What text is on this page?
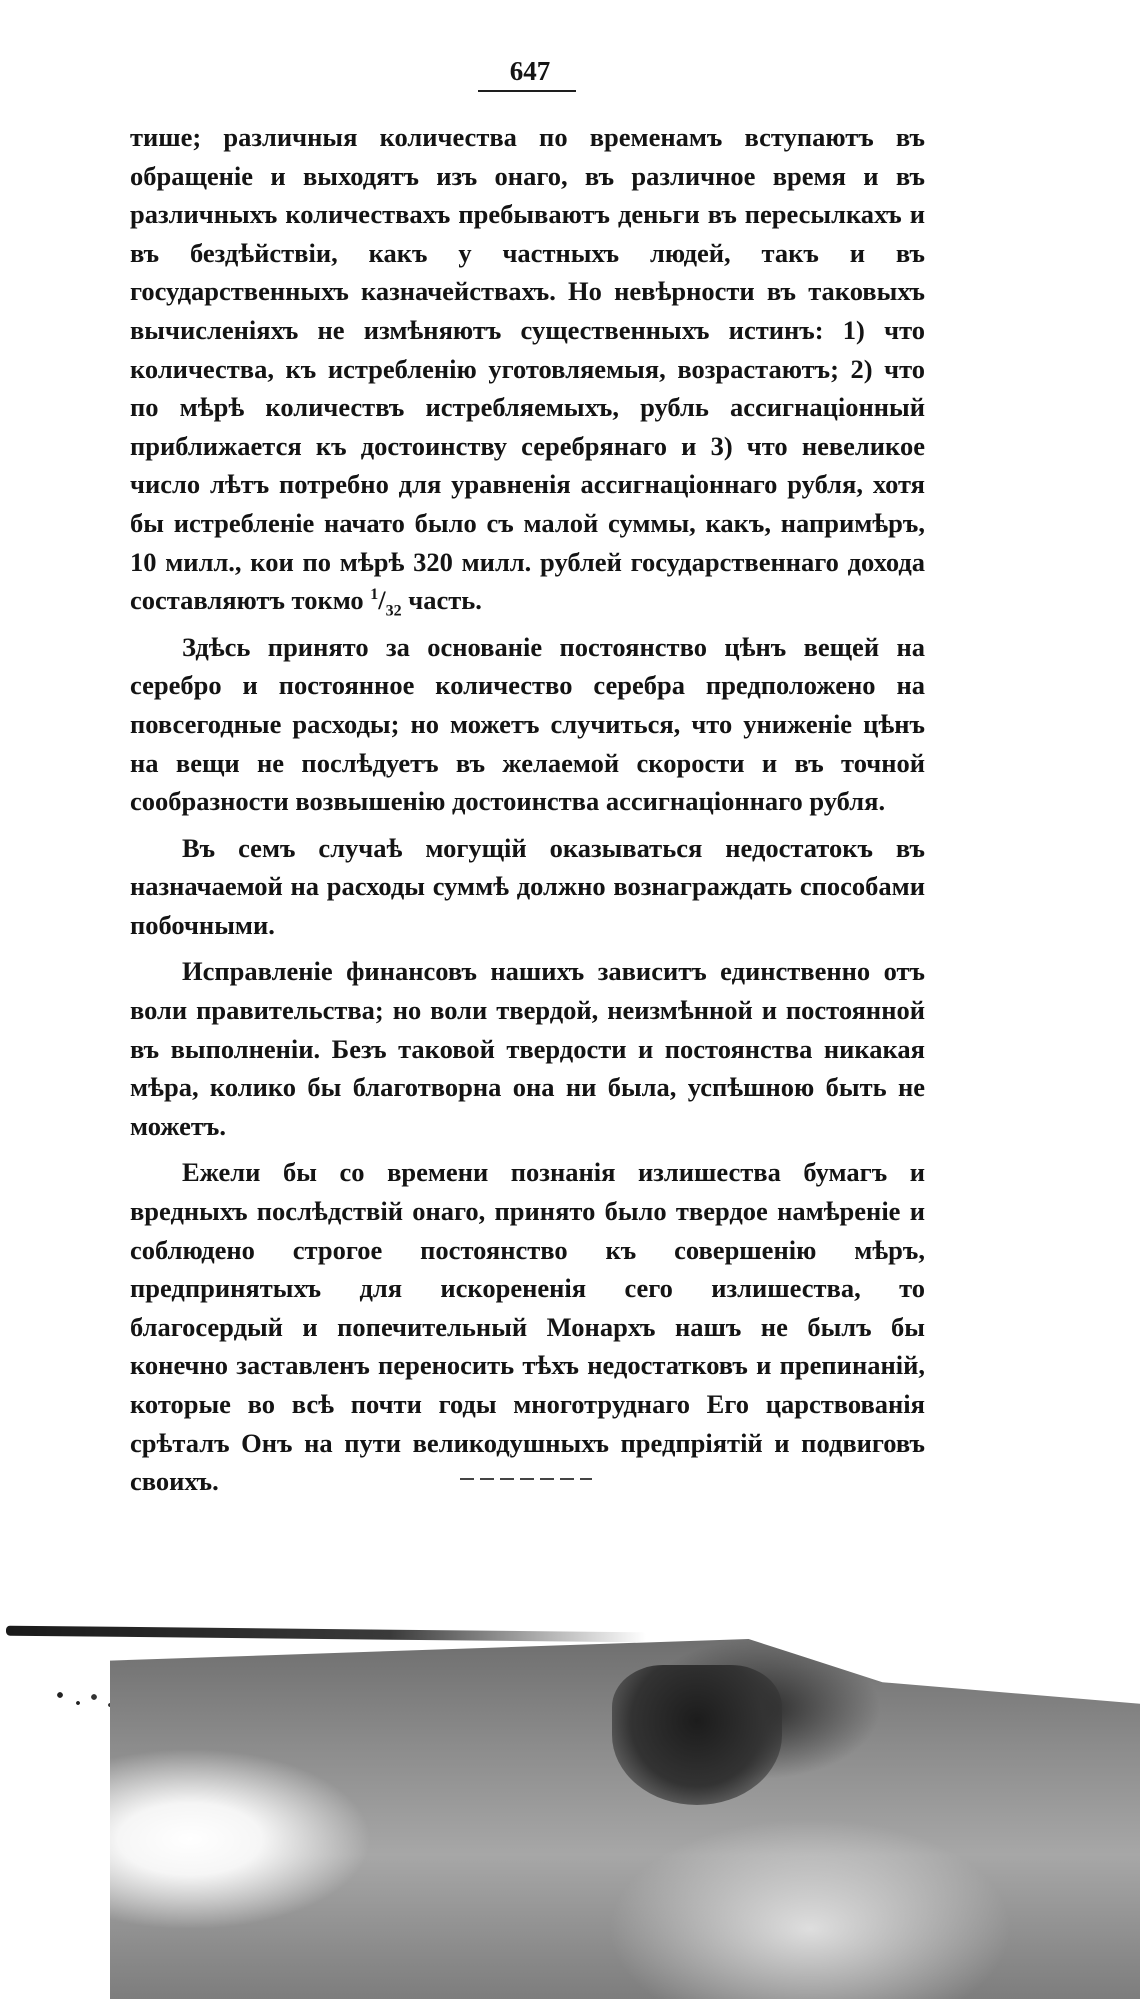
647

тише; различныя количества по временамъ вступаютъ въ обращеніе и выходятъ изъ онаго, въ различное время и въ различныхъ количествахъ пребываютъ деньги въ пересылкахъ и въ бездѣйствіи, какъ у частныхъ людей, такъ и въ государственныхъ казначействахъ. Но невѣрности въ таковыхъ вычисленіяхъ не измѣняютъ существенныхъ истинъ: 1) что количества, къ истребленію уготовляемыя, возрастаютъ; 2) что по мѣрѣ количествъ истребляемыхъ, рубль ассигнаціонный приближается къ достоинству серебрянаго и 3) что невеликое число лѣтъ потребно для уравненія ассигнаціоннаго рубля, хотя бы истребленіе начато было съ малой суммы, какъ, напримѣръ, 10 милл., кои по мѣрѣ 320 милл. рублей государственнаго дохода составляютъ токмо $^1/_{32}$ часть.

Здѣсь принято за основаніе постоянство цѣнъ вещей на серебро и постоянное количество серебра предположено на повсегодные расходы; но можетъ случиться, что униженіе цѣнъ на вещи не послѣдуетъ въ желаемой скорости и въ точной сообразности возвышенію достоинства ассигнаціоннаго рубля.

Въ семъ случаѣ могущій оказываться недостатокъ въ назначаемой на расходы суммѣ должно вознаграждать способами побочными.

Исправленіе финансовъ нашихъ зависитъ единственно отъ воли правительства; но воли твердой, неизмѣнной и постоянной въ выполненіи. Безъ таковой твердости и постоянства никакая мѣра, колико бы благотворна она ни была, успѣшною быть не можетъ.

Ежели бы со времени познанія излишества бумагъ и вредныхъ послѣдствій онаго, принято было твердое намѣреніе и соблюдено строгое постоянство къ совершенію мѣръ, предпринятыхъ для искорененія сего излишества, то благосердый и попечительный Монархъ нашъ не былъ бы конечно заставленъ переносить тѣхъ недостатковъ и препинаній, которые во всѣ почти годы многотруднаго Его царствованія срѣталъ Онъ на пути великодушныхъ предпріятій и подвиговъ своихъ.
